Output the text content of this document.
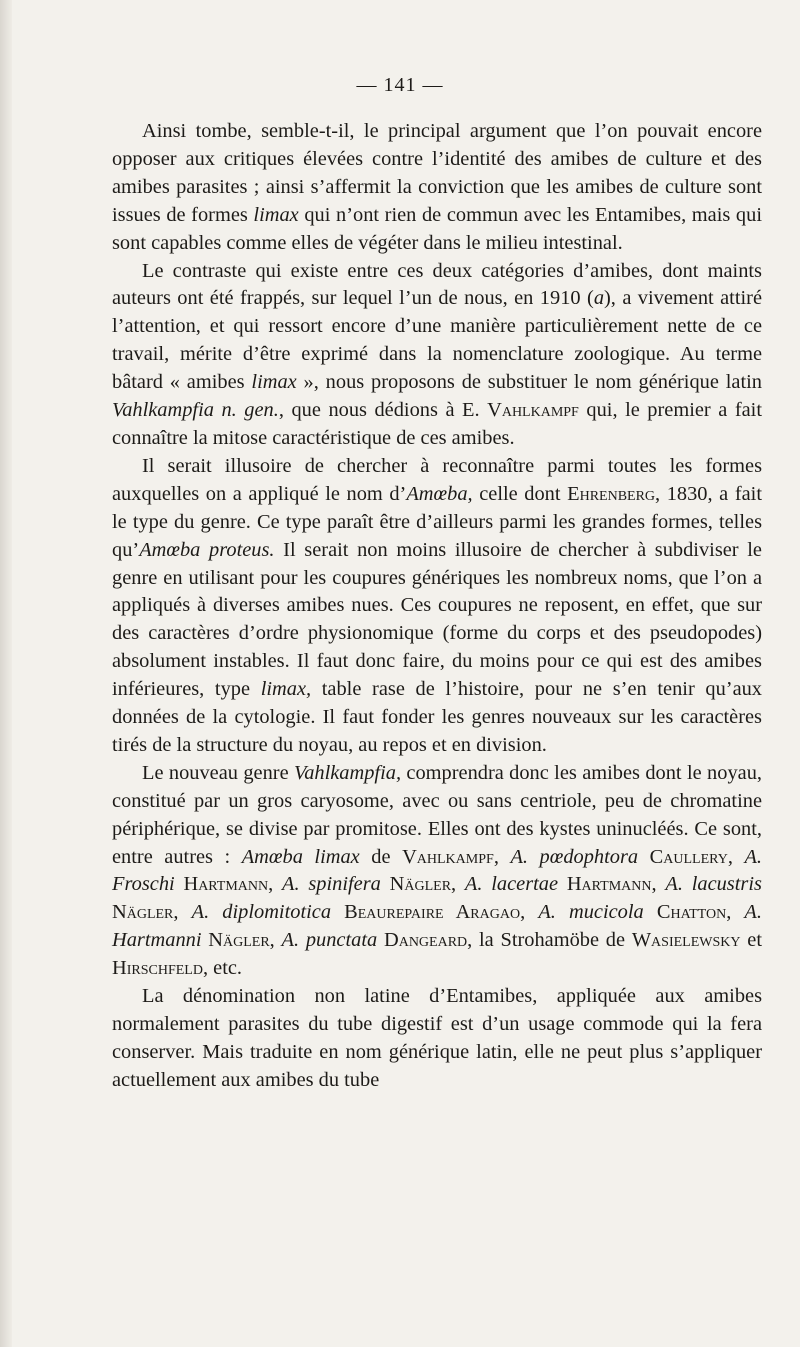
— 141 —

Ainsi tombe, semble-t-il, le principal argument que l’on pouvait encore opposer aux critiques élevées contre l’identité des amibes de culture et des amibes parasites ; ainsi s’affermit la conviction que les amibes de culture sont issues de formes limax qui n’ont rien de commun avec les Entamibes, mais qui sont capables comme elles de végéter dans le milieu intestinal.

Le contraste qui existe entre ces deux catégories d’amibes, dont maints auteurs ont été frappés, sur lequel l’un de nous, en 1910 (a), a vivement attiré l’attention, et qui ressort encore d’une manière particulièrement nette de ce travail, mérite d’être exprimé dans la nomenclature zoologique. Au terme bâtard « amibes limax », nous proposons de substituer le nom générique latin Vahlkampfia n. gen., que nous dédions à E. Vahlkampf qui, le premier a fait connaître la mitose caractéristique de ces amibes.

Il serait illusoire de chercher à reconnaître parmi toutes les formes auxquelles on a appliqué le nom d’Amœba, celle dont Ehrenberg, 1830, a fait le type du genre. Ce type paraît être d’ailleurs parmi les grandes formes, telles qu’Amœba proteus. Il serait non moins illusoire de chercher à subdiviser le genre en utilisant pour les coupures génériques les nombreux noms, que l’on a appliqués à diverses amibes nues. Ces coupures ne reposent, en effet, que sur des caractères d’ordre physionomique (forme du corps et des pseudopodes) absolument instables. Il faut donc faire, du moins pour ce qui est des amibes inférieures, type limax, table rase de l’histoire, pour ne s’en tenir qu’aux données de la cytologie. Il faut fonder les genres nouveaux sur les caractères tirés de la structure du noyau, au repos et en division.

Le nouveau genre Vahlkampfia, comprendra donc les amibes dont le noyau, constitué par un gros caryosome, avec ou sans centriole, peu de chromatine périphérique, se divise par promitose. Elles ont des kystes uninucléés. Ce sont, entre autres : Amœba limax de Vahlkampf, A. pœdophtora Caullery, A. Froschi Hartmann, A. spinifera Nägler, A. lacertae Hartmann, A. lacustris Nägler, A. diplomitotica Beaurepaire Aragao, A. mucicola Chatton, A. Hartmanni Nägler, A. punctata Dangeard, la Strohamöbe de Wasielewsky et Hirschfeld, etc.

La dénomination non latine d’Entamibes, appliquée aux amibes normalement parasites du tube digestif est d’un usage commode qui la fera conserver. Mais traduite en nom générique latin, elle ne peut plus s’appliquer actuellement aux amibes du tube
